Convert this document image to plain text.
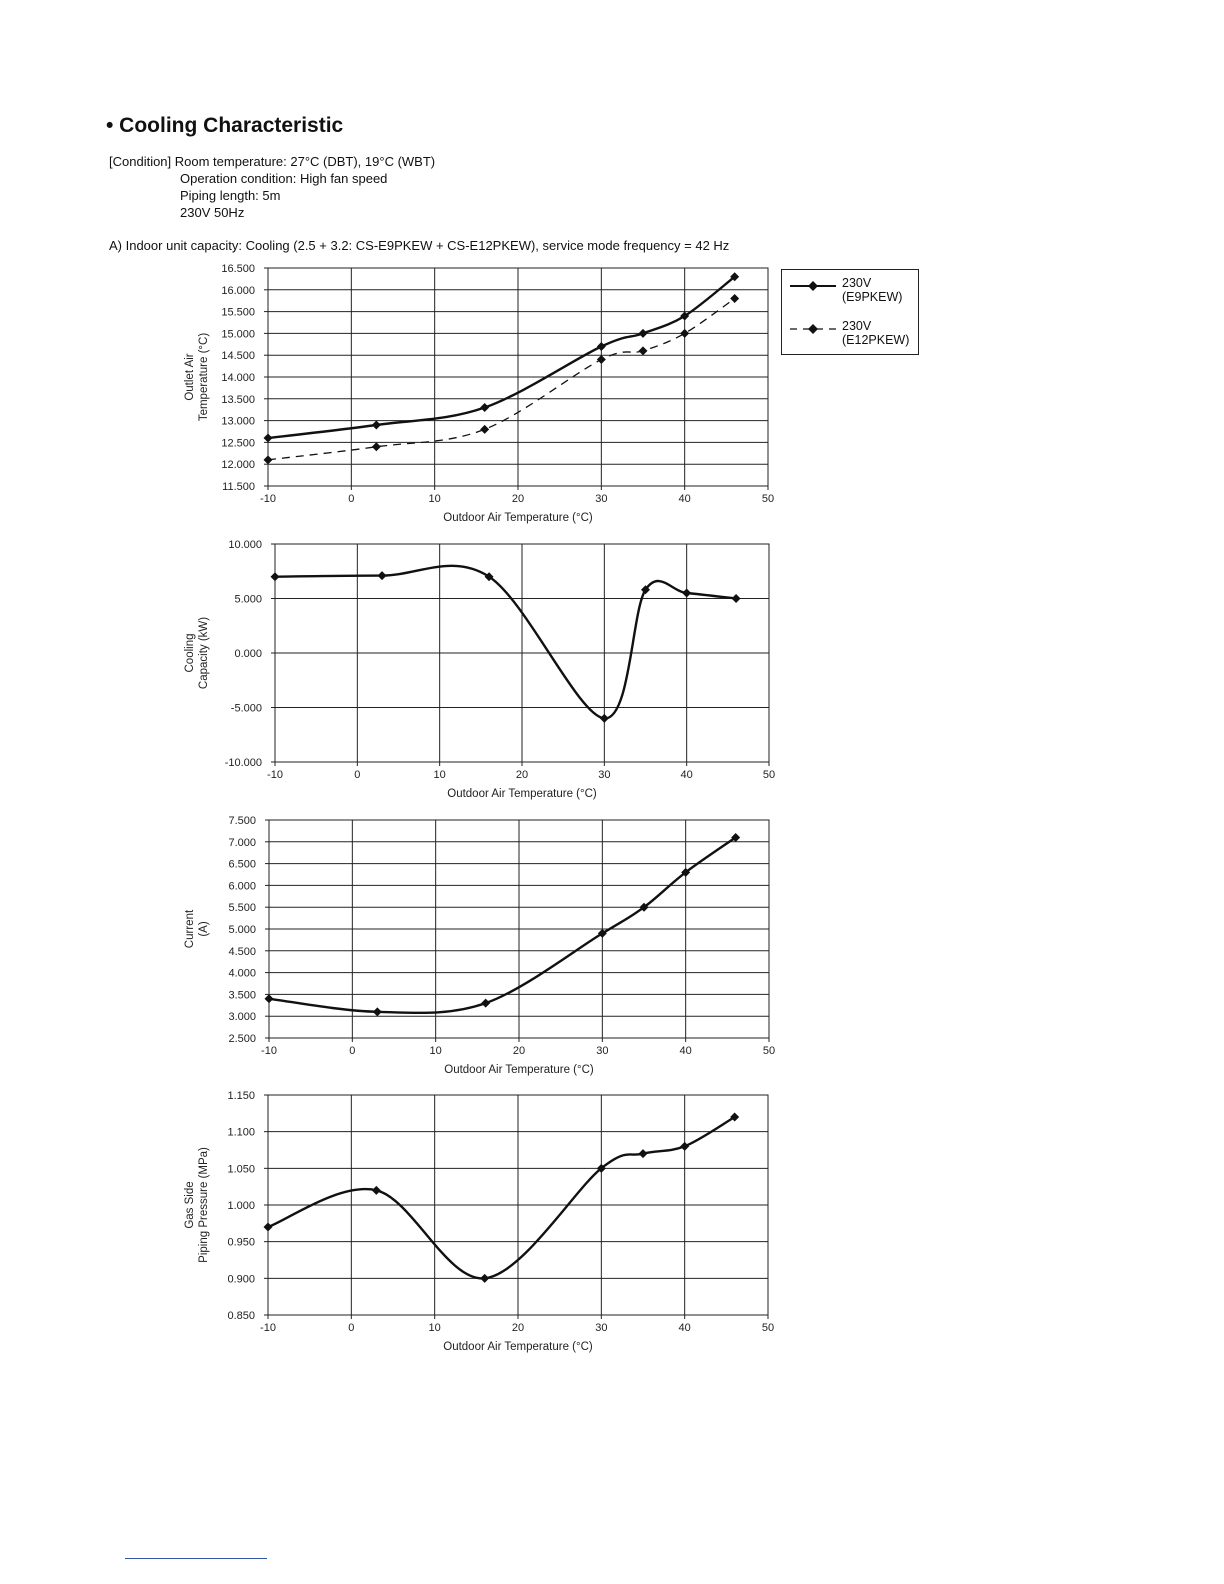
• Cooling Characteristic
[Condition] Room temperature: 27°C (DBT), 19°C (WBT)
Operation condition: High fan speed
Piping length: 5m
230V 50Hz
A) Indoor unit capacity: Cooling (2.5 + 3.2: CS-E9PKEW + CS-E12PKEW), service mode frequency = 42 Hz
-10	0	10	20	30	40	50
11.500
12.000
12.500
13.000
13.500
14.000
14.500
15.000
15.500
16.000
16.500
Outdoor Air Temperature (°C)
Outlet Air Temperature (°C)
-10	0	10	20	30	40	50
-10.000
-5.000
0.000
5.000
10.000
Outdoor Air Temperature (°C)
Cooling Capacity (kW)
-10	0	10	20	30	40	50
2.500
3.000
3.500
4.000
4.500
5.000
5.500
6.000
6.500
7.000
7.500
Outdoor Air Temperature (°C)
Current (A)
-10	0	10	20	30	40	50
0.850
0.900
0.950
1.000
1.050
1.100
1.150
Outdoor Air Temperature (°C)
Gas Side Piping Pressure (MPa)
230V
(E9PKEW)
230V
(E12PKEW)
